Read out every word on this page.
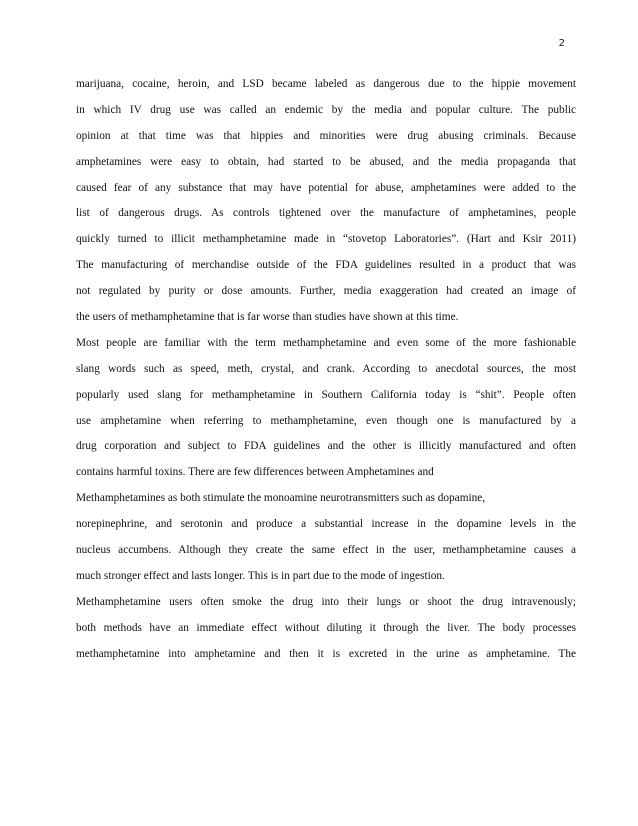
2
marijuana, cocaine, heroin, and LSD became labeled as dangerous due to the hippie movement
in which IV drug use was called an endemic by the media and popular culture. The public
opinion at that time was that hippies and minorities were drug abusing criminals. Because
amphetamines were easy to obtain, had started to be abused, and the media propaganda that
caused fear of any substance that may have potential for abuse, amphetamines were added to the
list of dangerous drugs. As controls tightened over the manufacture of amphetamines, people
quickly turned to illicit methamphetamine made in “stovetop Laboratories”. (Hart and Ksir 2011)
The manufacturing of merchandise outside of the FDA guidelines resulted in a product that was
not regulated by purity or dose amounts. Further, media exaggeration had created an image of
the users of methamphetamine that is far worse than studies have shown at this time.
Most people are familiar with the term methamphetamine and even some of the more fashionable
slang words such as speed, meth, crystal, and crank. According to anecdotal sources, the most
popularly used slang for methamphetamine in Southern California today is “shit”. People often
use amphetamine when referring to methamphetamine, even though one is manufactured by a
drug corporation and subject to FDA guidelines and the other is illicitly manufactured and often
contains harmful toxins. There are few differences between Amphetamines and
Methamphetamines as both stimulate the monoamine neurotransmitters such as dopamine,
norepinephrine, and serotonin and produce a substantial increase in the dopamine levels in the
nucleus accumbens. Although they create the same effect in the user, methamphetamine causes a
much stronger effect and lasts longer. This is in part due to the mode of ingestion.
Methamphetamine users often smoke the drug into their lungs or shoot the drug intravenously;
both methods have an immediate effect without diluting it through the liver. The body processes
methamphetamine into amphetamine and then it is excreted in the urine as amphetamine. The
